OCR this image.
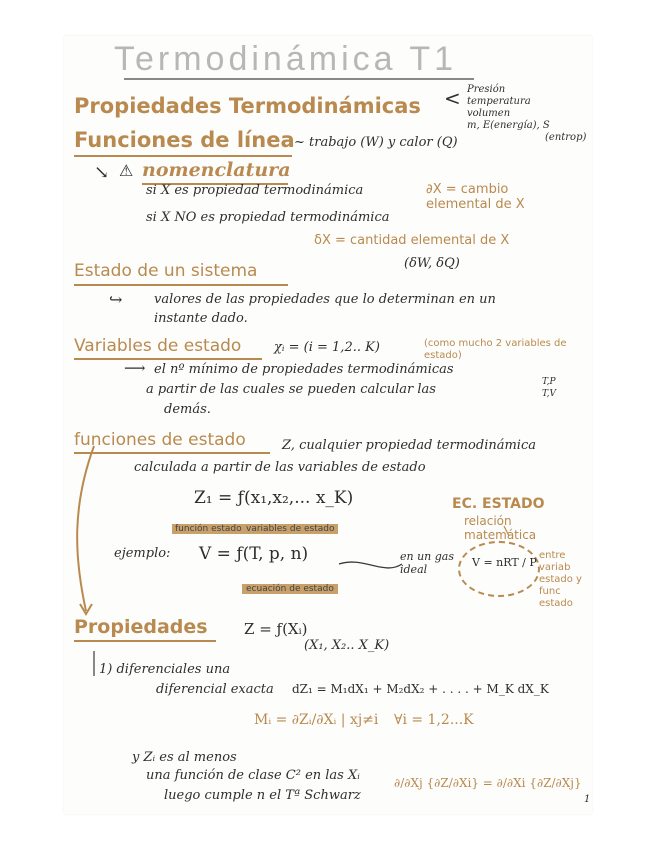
Termodinámica T1
Propiedades Termodinámicas
Presión
temperatura
volumen
m, E(energía), S
(entrop)
<
Funciones de línea ~ trabajo (W) y calor (Q)
↘ ⚠ nomenclatura
si X es propiedad termodinámica	∂X = cambio elemental de X
si X NO es propiedad termodinámica
δX = cantidad elemental de X
(δW, δQ)
Estado de un sistema
↪ valores de las propiedades que lo determinan en un
instante dado.
Variables de estado	χᵢ = (i = 1,2.. K)	(como mucho 2 variables de estado)
⟶ el nº mínimo de propiedades termodinámicas
a partir de las cuales se pueden calcular las
demás.
T,P
T,V
funciones de estado	Z, cualquier propiedad termodinámica
calculada a partir de las variables de estado
Z₁ = ƒ(x₁,x₂,... x_K)
función estado variables de estado
EC. ESTADO
relación matemática
entre variab estado y func estado
ejemplo: V = ƒ(T, p, n)
ecuación de estado
en un gas ideal
V = nRT / P
Propiedades Z = ƒ(Xᵢ)
(X₁, X₂.. X_K)
1) diferenciales una
diferencial exacta dZ₁ = M₁dX₁ + M₂dX₂ + . . . . + M_K dX_K
Mᵢ = ∂Zᵢ/∂Xᵢ | xj≠i ∀i = 1,2...K
y Zᵢ es al menos
una función de clase C² en las Xᵢ
luego cumple n el Tª Schwarz
∂/∂Xj {∂Z/∂Xi} = ∂/∂Xi {∂Z/∂Xj}
1
